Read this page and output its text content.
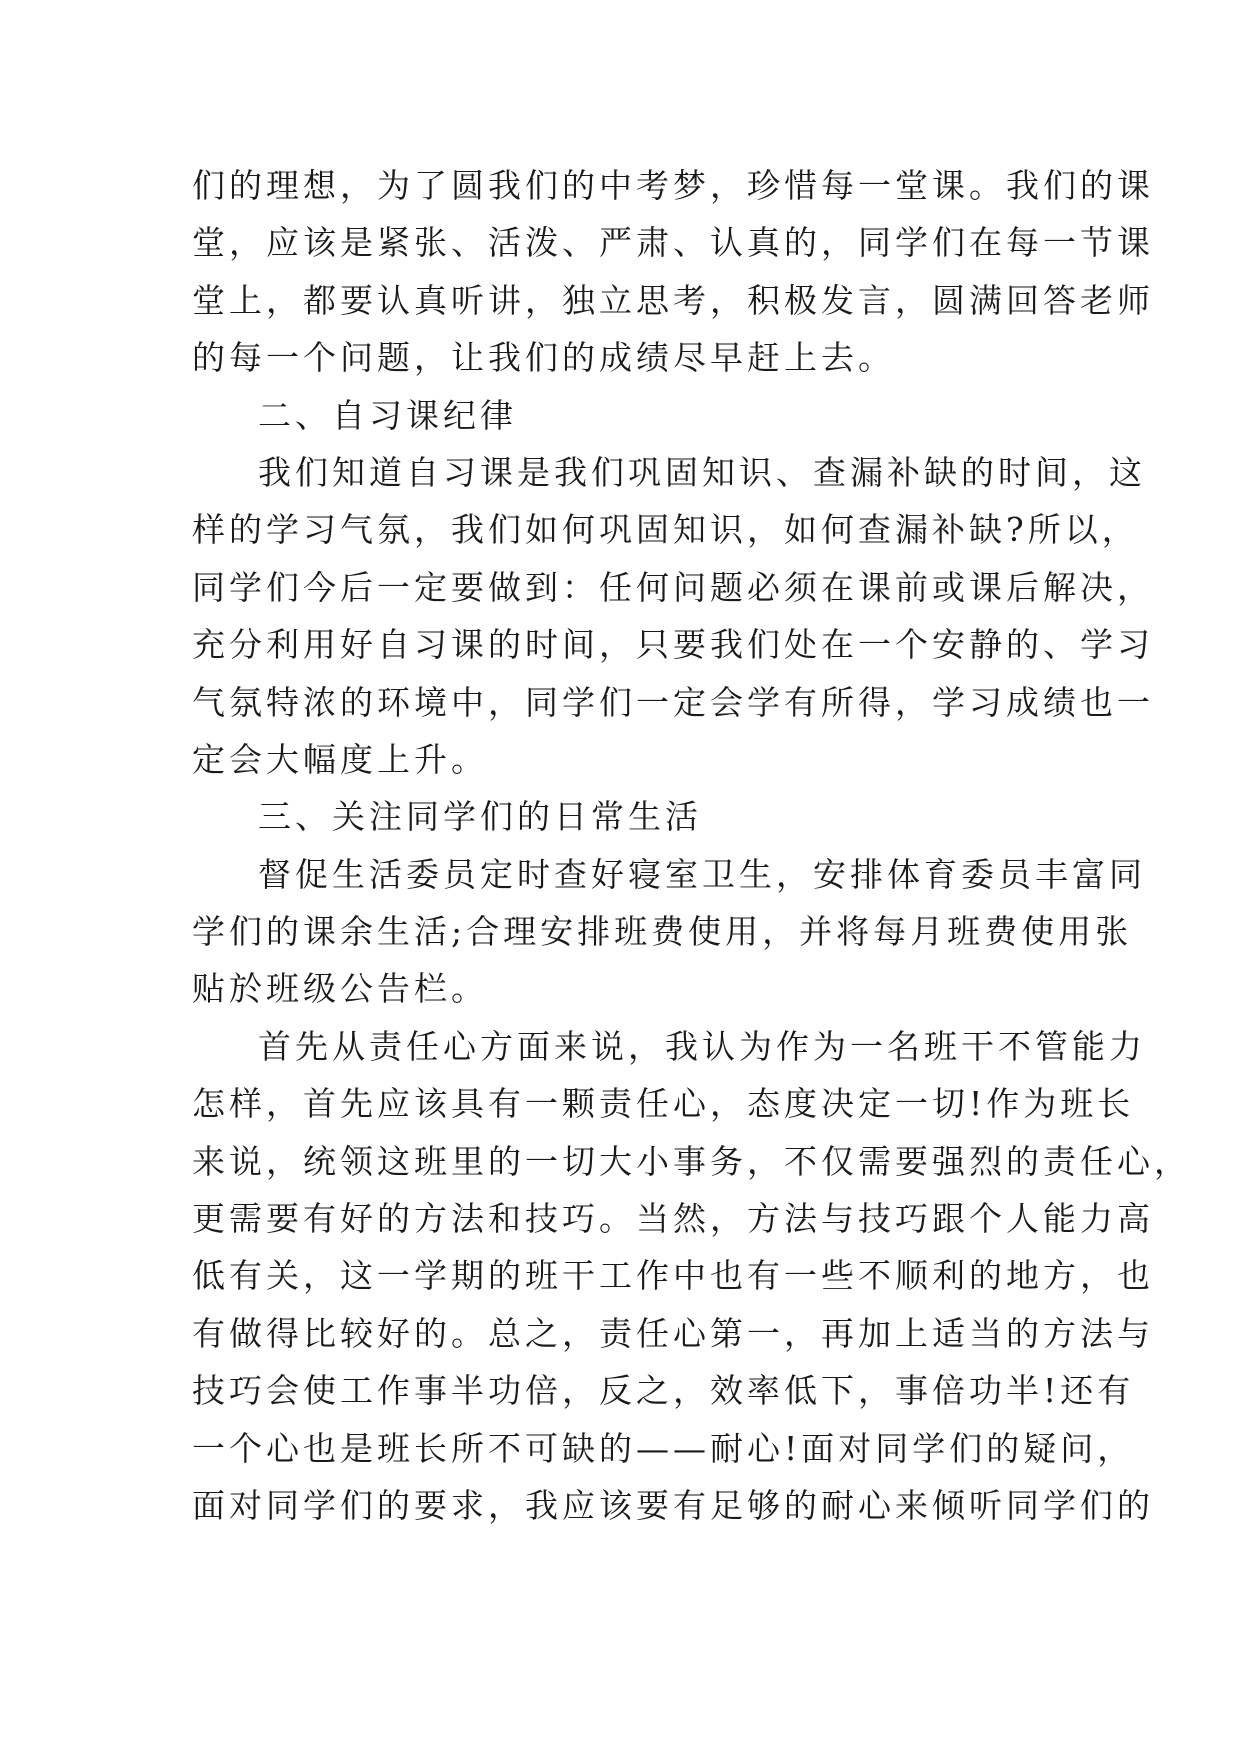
们的理想，为了圆我们的中考梦，珍惜每一堂课。我们的课
堂，应该是紧张、活泼、严肃、认真的，同学们在每一节课
堂上，都要认真听讲，独立思考，积极发言，圆满回答老师
的每一个问题，让我们的成绩尽早赶上去。
二、自习课纪律
我们知道自习课是我们巩固知识、查漏补缺的时间，这
样的学习气氛，我们如何巩固知识，如何查漏补缺?所以，
同学们今后一定要做到：任何问题必须在课前或课后解决，
充分利用好自习课的时间，只要我们处在一个安静的、学习
气氛特浓的环境中，同学们一定会学有所得，学习成绩也一
定会大幅度上升。
三、关注同学们的日常生活
督促生活委员定时查好寝室卫生，安排体育委员丰富同
学们的课余生活;合理安排班费使用，并将每月班费使用张
贴於班级公告栏。
首先从责任心方面来说，我认为作为一名班干不管能力
怎样，首先应该具有一颗责任心，态度决定一切!作为班长
来说，统领这班里的一切大小事务，不仅需要强烈的责任心，
更需要有好的方法和技巧。当然，方法与技巧跟个人能力高
低有关，这一学期的班干工作中也有一些不顺利的地方，也
有做得比较好的。总之，责任心第一，再加上适当的方法与
技巧会使工作事半功倍，反之，效率低下，事倍功半!还有
一个心也是班长所不可缺的——耐心!面对同学们的疑问，
面对同学们的要求，我应该要有足够的耐心来倾听同学们的
